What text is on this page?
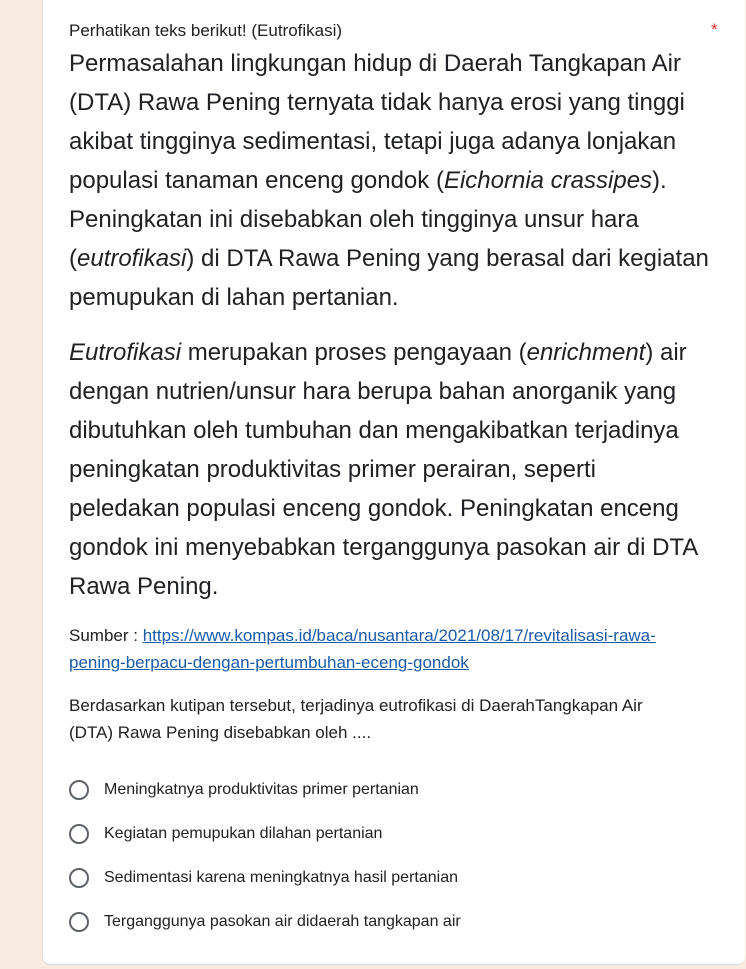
Perhatikan teks berikut! (Eutrofikasi)	*

Permasalahan lingkungan hidup di Daerah Tangkapan Air (DTA) Rawa Pening ternyata tidak hanya erosi yang tinggi akibat tingginya sedimentasi, tetapi juga adanya lonjakan populasi tanaman enceng gondok (Eichornia crassipes). Peningkatan ini disebabkan oleh tingginya unsur hara (eutrofikasi) di DTA Rawa Pening yang berasal dari kegiatan pemupukan di lahan pertanian.

Eutrofikasi merupakan proses pengayaan (enrichment) air dengan nutrien/unsur hara berupa bahan anorganik yang dibutuhkan oleh tumbuhan dan mengakibatkan terjadinya peningkatan produktivitas primer perairan, seperti peledakan populasi enceng gondok. Peningkatan enceng gondok ini menyebabkan terganggunya pasokan air di DTA Rawa Pening.

Sumber : https://www.kompas.id/baca/nusantara/2021/08/17/revitalisasi-rawa-pening-berpacu-dengan-pertumbuhan-eceng-gondok

Berdasarkan kutipan tersebut, terjadinya eutrofikasi di DaerahTangkapan Air (DTA) Rawa Pening disebabkan oleh ....

Meningkatnya produktivitas primer pertanian
Kegiatan pemupukan dilahan pertanian
Sedimentasi karena meningkatnya hasil pertanian
Terganggunya pasokan air didaerah tangkapan air
